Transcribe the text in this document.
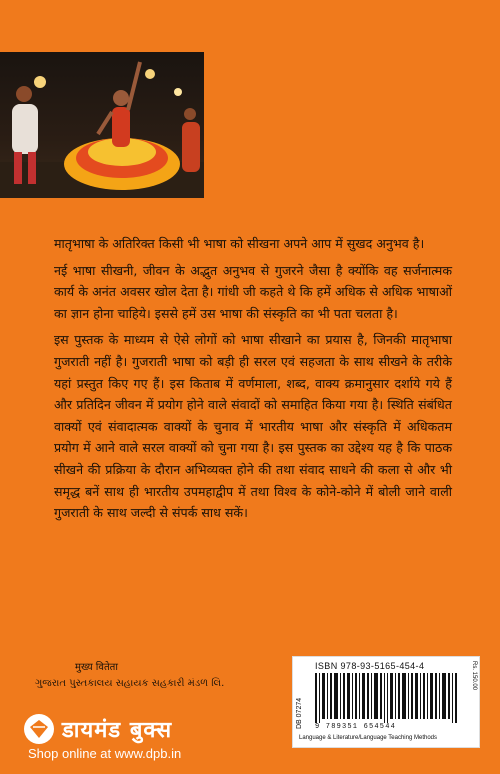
मातृभाषा के अतिरिक्त किसी भी भाषा को सीखना अपने आप में सुखद अनुभव है।

नई भाषा सीखनी, जीवन के अद्भुत अनुभव से गुजरने जैसा है क्योंकि वह सर्जनात्मक कार्य के अनंत अवसर खोल देता है। गांधी जी कहते थे कि हमें अधिक से अधिक भाषाओं का ज्ञान होना चाहिये। इससे हमें उस भाषा की संस्कृति का भी पता चलता है।

इस पुस्तक के माध्यम से ऐसे लोगों को भाषा सीखाने का प्रयास है, जिनकी मातृभाषा गुजराती नहीं है। गुजराती भाषा को बड़ी ही सरल एवं सहजता के साथ सीखने के तरीके यहां प्रस्तुत किए गए हैं। इस किताब में वर्णमाला, शब्द, वाक्य क्रमानुसार दर्शाये गये हैं और प्रतिदिन जीवन में प्रयोग होने वाले संवादों को समाहित किया गया है। स्थिति संबंधित वाक्यों एवं संवादात्मक वाक्यों के चुनाव में भारतीय भाषा और संस्कृति में अधिकतम प्रयोग में आने वाले सरल वाक्यों को चुना गया है। इस पुस्तक का उद्देश्य यह है कि पाठक सीखने की प्रक्रिया के दौरान अभिव्यक्त होने की तथा संवाद साधने की कला से और भी समृद्ध बनें साथ ही भारतीय उपमहाद्वीप में तथा विश्व के कोने-कोने में बोली जाने वाली गुजराती के साथ जल्दी से संपर्क साध सकें।

मुख्य वितेता
ગુજરાત પુસ્તકાલય સહાયક સહકારી મંડળ લિ.
डायमंड बुक्स
Shop online at www.dpb.in
DB 07274
ISBN 978-93-5165-454-4
9 789351 654544
Rs. 150.00
Language & Literature/Language Teaching Methods
